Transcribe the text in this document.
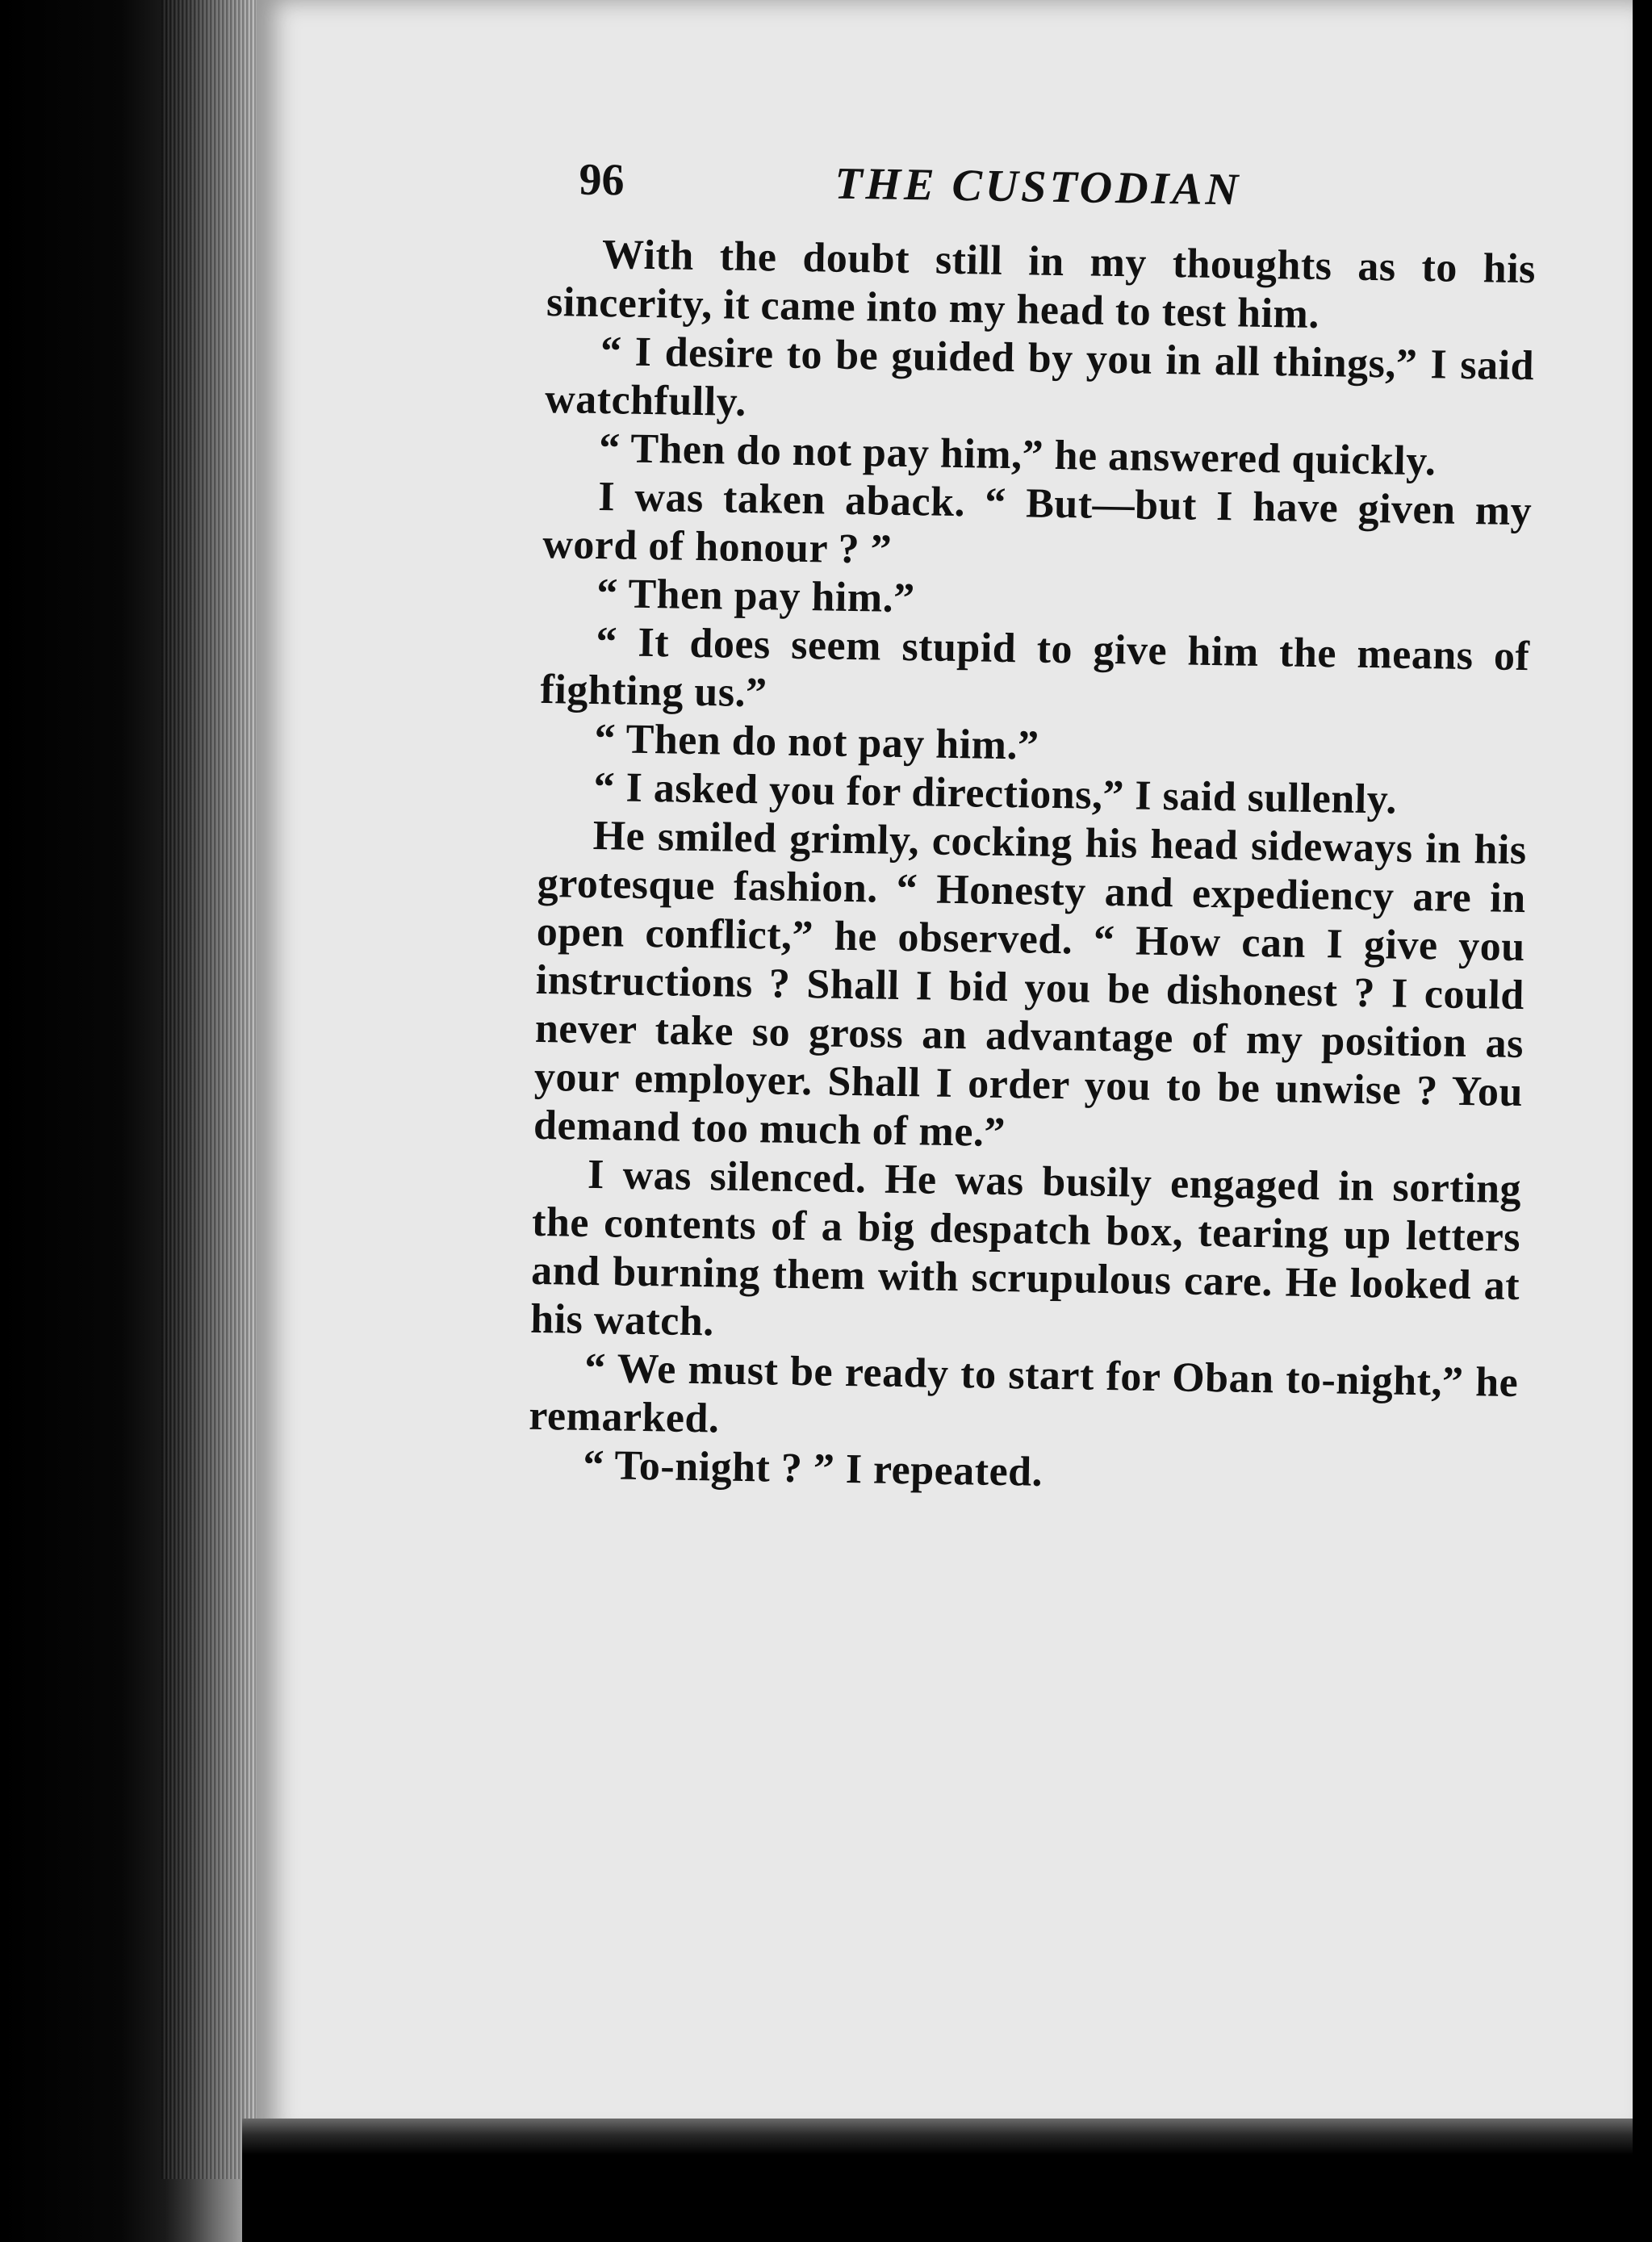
96	THE CUSTODIAN

With the doubt still in my thoughts as to his sincerity, it came into my head to test him.

“ I desire to be guided by you in all things,” I said watchfully.

“ Then do not pay him,” he answered quickly.

I was taken aback. “ But—but I have given my word of honour ? ”

“ Then pay him.”

“ It does seem stupid to give him the means of fighting us.”

“ Then do not pay him.”

“ I asked you for directions,” I said sullenly.

He smiled grimly, cocking his head sideways in his grotesque fashion. “ Honesty and expediency are in open conflict,” he observed. “ How can I give you instructions ? Shall I bid you be dishonest ? I could never take so gross an advantage of my position as your employer. Shall I order you to be unwise ? You demand too much of me.”

I was silenced. He was busily engaged in sorting the contents of a big despatch box, tearing up letters and burning them with scrupulous care. He looked at his watch.

“ We must be ready to start for Oban to-night,” he remarked.

“ To-night ? ” I repeated.
